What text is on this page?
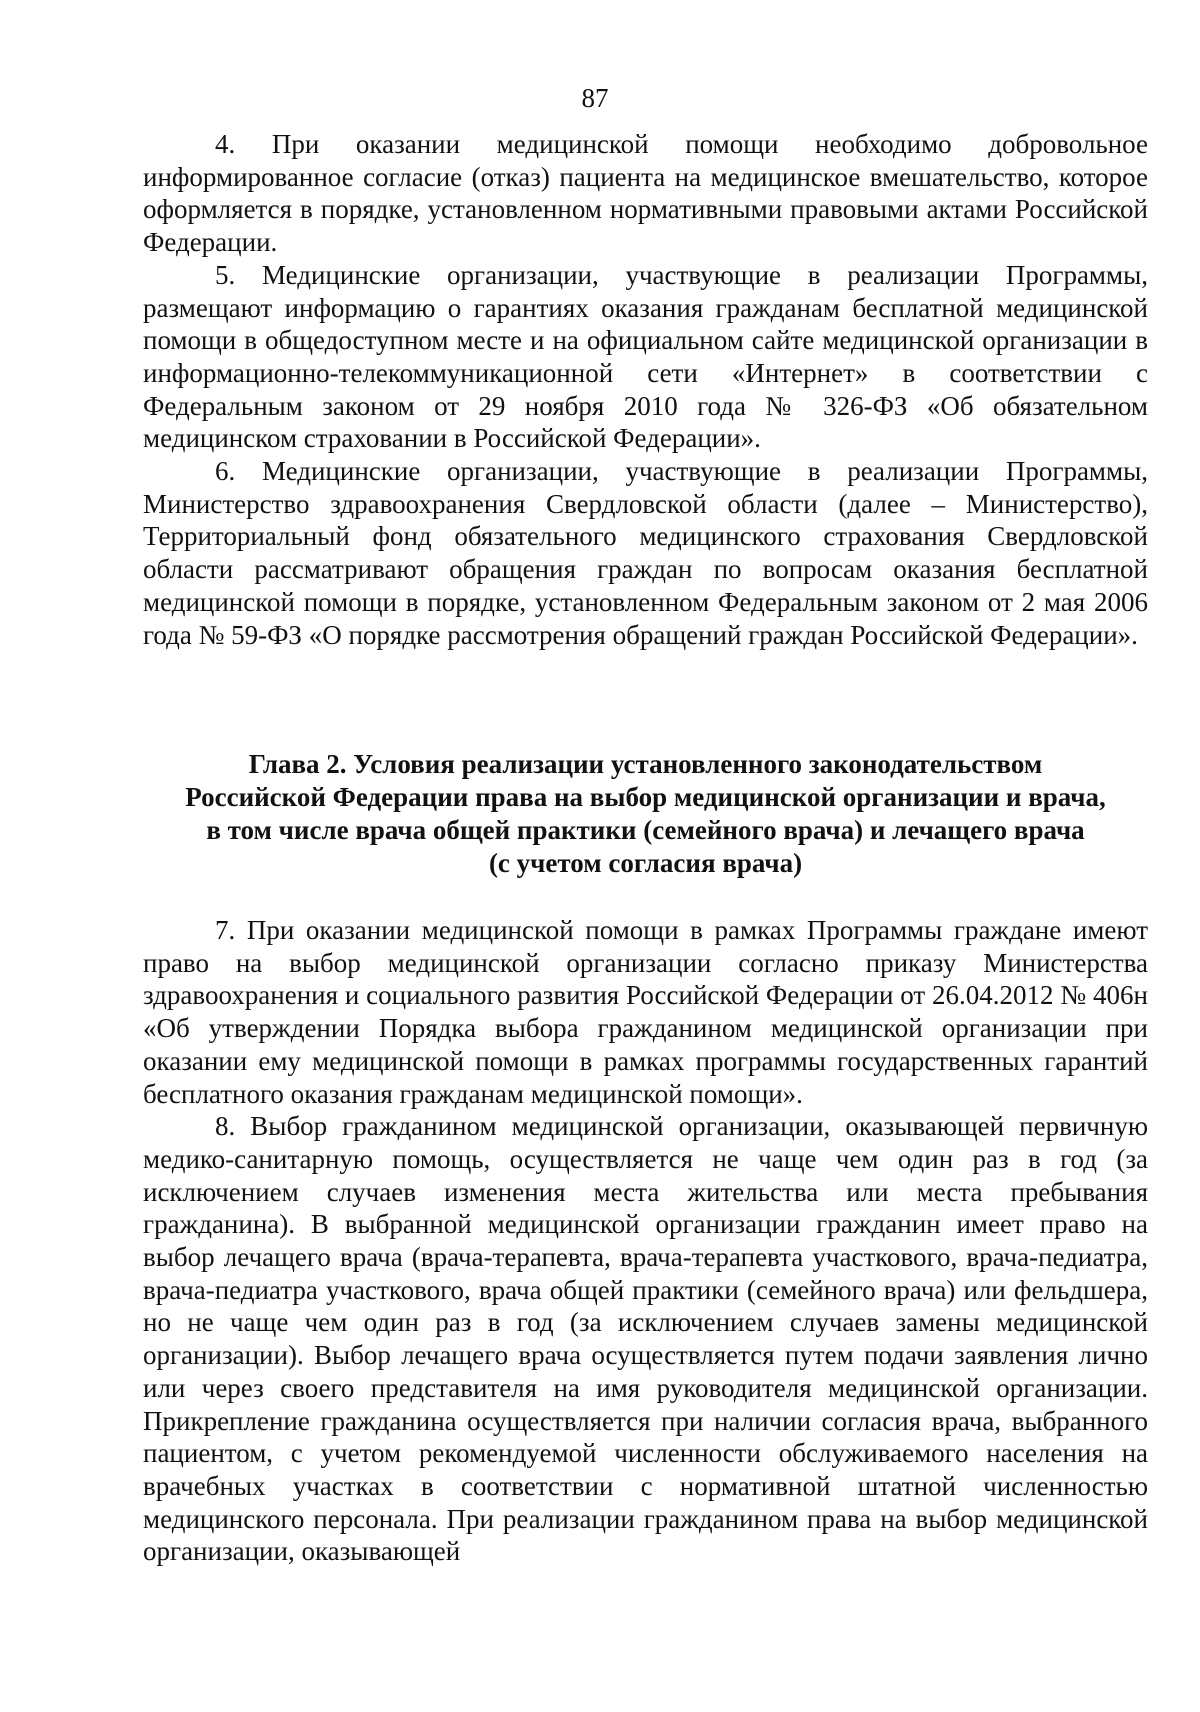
87

4. При оказании медицинской помощи необходимо добровольное информированное согласие (отказ) пациента на медицинское вмешательство, которое оформляется в порядке, установленном нормативными правовыми актами Российской Федерации.

5. Медицинские организации, участвующие в реализации Программы, размещают информацию о гарантиях оказания гражданам бесплатной медицинской помощи в общедоступном месте и на официальном сайте медицинской организации в информационно-телекоммуникационной сети «Интернет» в соответствии с Федеральным законом от 29 ноября 2010 года № 326-ФЗ «Об обязательном медицинском страховании в Российской Федерации».

6. Медицинские организации, участвующие в реализации Программы, Министерство здравоохранения Свердловской области (далее – Министерство), Территориальный фонд обязательного медицинского страхования Свердловской области рассматривают обращения граждан по вопросам оказания бесплатной медицинской помощи в порядке, установленном Федеральным законом от 2 мая 2006 года № 59-ФЗ «О порядке рассмотрения обращений граждан Российской Федерации».

Глава 2. Условия реализации установленного законодательством
Российской Федерации права на выбор медицинской организации и врача,
в том числе врача общей практики (семейного врача) и лечащего врача
(с учетом согласия врача)

7. При оказании медицинской помощи в рамках Программы граждане имеют право на выбор медицинской организации согласно приказу Министерства здравоохранения и социального развития Российской Федерации от 26.04.2012 № 406н «Об утверждении Порядка выбора гражданином медицинской организации при оказании ему медицинской помощи в рамках программы государственных гарантий бесплатного оказания гражданам медицинской помощи».

8. Выбор гражданином медицинской организации, оказывающей первичную медико-санитарную помощь, осуществляется не чаще чем один раз в год (за исключением случаев изменения места жительства или места пребывания гражданина). В выбранной медицинской организации гражданин имеет право на выбор лечащего врача (врача-терапевта, врача-терапевта участкового, врача-педиатра, врача-педиатра участкового, врача общей практики (семейного врача) или фельдшера, но не чаще чем один раз в год (за исключением случаев замены медицинской организации). Выбор лечащего врача осуществляется путем подачи заявления лично или через своего представителя на имя руководителя медицинской организации. Прикрепление гражданина осуществляется при наличии согласия врача, выбранного пациентом, с учетом рекомендуемой численности обслуживаемого населения на врачебных участках в соответствии с нормативной штатной численностью медицинского персонала. При реализации гражданином права на выбор медицинской организации, оказывающей
